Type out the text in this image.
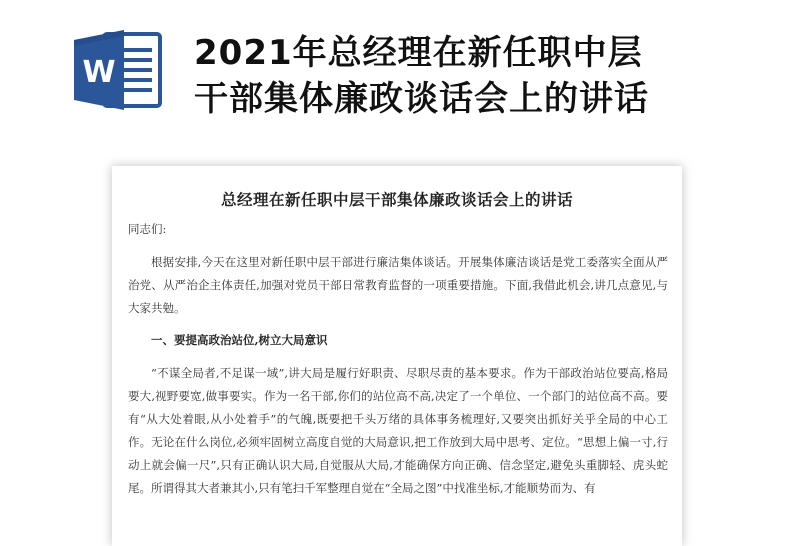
W 2021年总经理在新任职中层
干部集体廉政谈话会上的讲话
总经理在新任职中层干部集体廉政谈话会上的讲话

同志们:

根据安排,今天在这里对新任职中层干部进行廉洁集体谈话。开展集体廉洁谈话是党工委落实全面从严治党、从严治企主体责任,加强对党员干部日常教育监督的一项重要措施。下面,我借此机会,讲几点意见,与大家共勉。

一、要提高政治站位,树立大局意识

“不谋全局者,不足谋一域”,讲大局是履行好职责、尽职尽责的基本要求。作为干部政治站位要高,格局要大,视野要宽,做事要实。作为一名干部,你们的站位高不高,决定了一个单位、一个部门的站位高不高。要有“从大处着眼,从小处着手”的气魄,既要把千头万绪的具体事务梳理好,又要突出抓好关乎全局的中心工作。无论在什么岗位,必须牢固树立高度自觉的大局意识,把工作放到大局中思考、定位。“思想上偏一寸,行动上就会偏一尺”,只有正确认识大局,自觉服从大局,才能确保方向正确、信念坚定,避免头重脚轻、虎头蛇尾。所谓得其大者兼其小,只有笔扫千军整理自觉在“全局之图”中找准坐标,才能顺势而为、有
